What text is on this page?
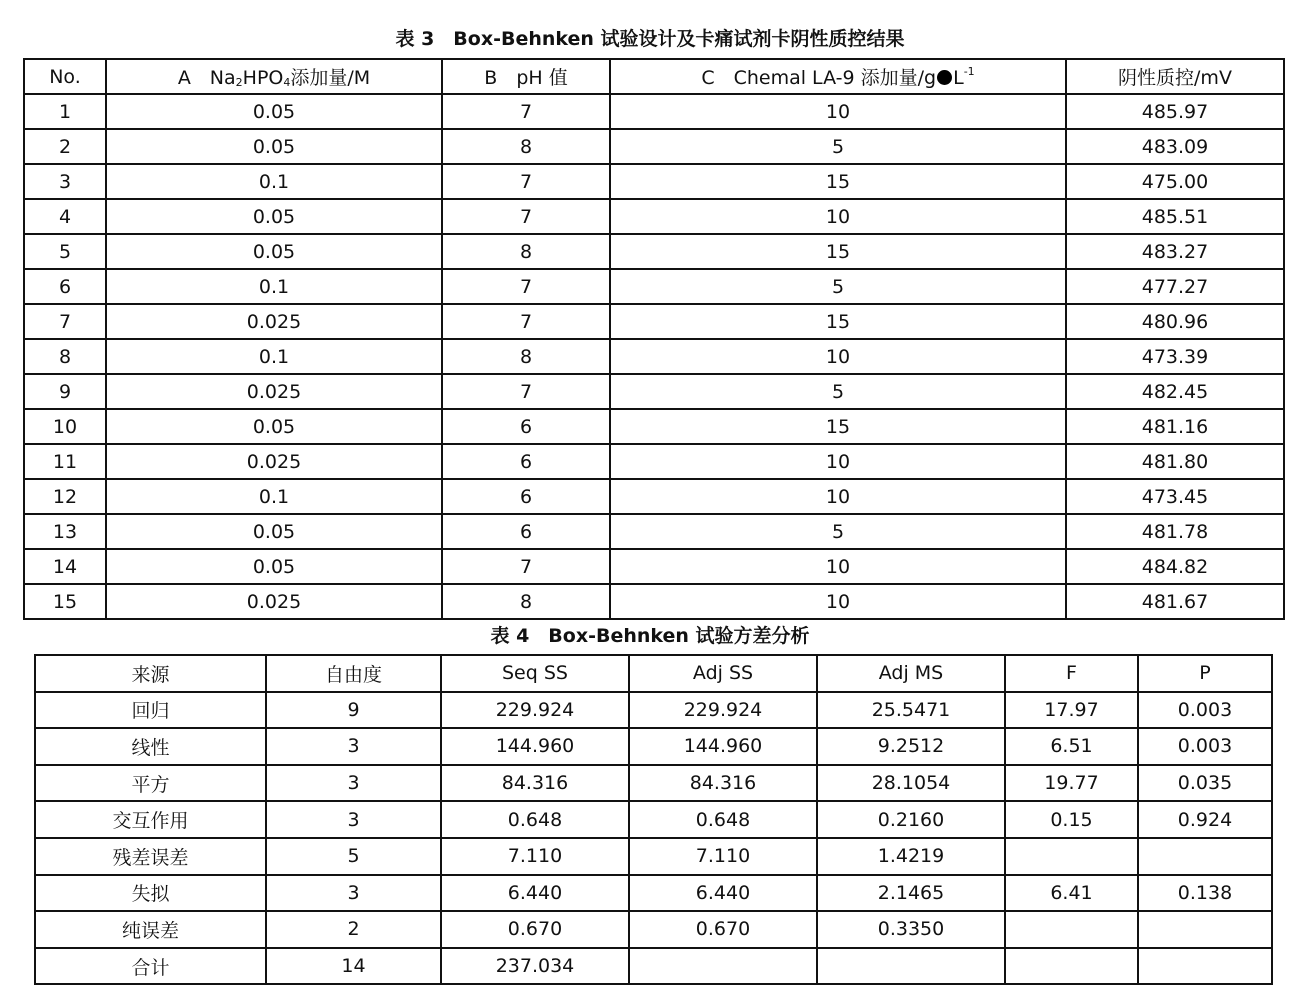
表 3　Box-Behnken 试验设计及卡痛试剂卡阴性质控结果
No.	A　Na2HPO4添加量/M	B　pH 值	C　Chemal LA-9 添加量/g $L^{-1}$	阴性质控/mV
1	0.05	7	10	485.97
2	0.05	8	5	483.09
3	0.1	7	15	475.00
4	0.05	7	10	485.51
5	0.05	8	15	483.27
6	0.1	7	5	477.27
7	0.025	7	15	480.96
8	0.1	8	10	473.39
9	0.025	7	5	482.45
10	0.05	6	15	481.16
11	0.025	6	10	481.80
12	0.1	6	10	473.45
13	0.05	6	5	481.78
14	0.05	7	10	484.82
15	0.025	8	10	481.67
表 4　Box-Behnken 试验方差分析
来源	自由度	Seq SS	Adj SS	Adj MS	F	P
回归	9	229.924	229.924	25.5471	17.97	0.003
线性	3	144.960	144.960	9.2512	6.51	0.003
平方	3	84.316	84.316	28.1054	19.77	0.035
交互作用	3	0.648	0.648	0.2160	0.15	0.924
残差误差	5	7.110	7.110	1.4219		
失拟	3	6.440	6.440	2.1465	6.41	0.138
纯误差	2	0.670	0.670	0.3350		
合计	14	237.034				
